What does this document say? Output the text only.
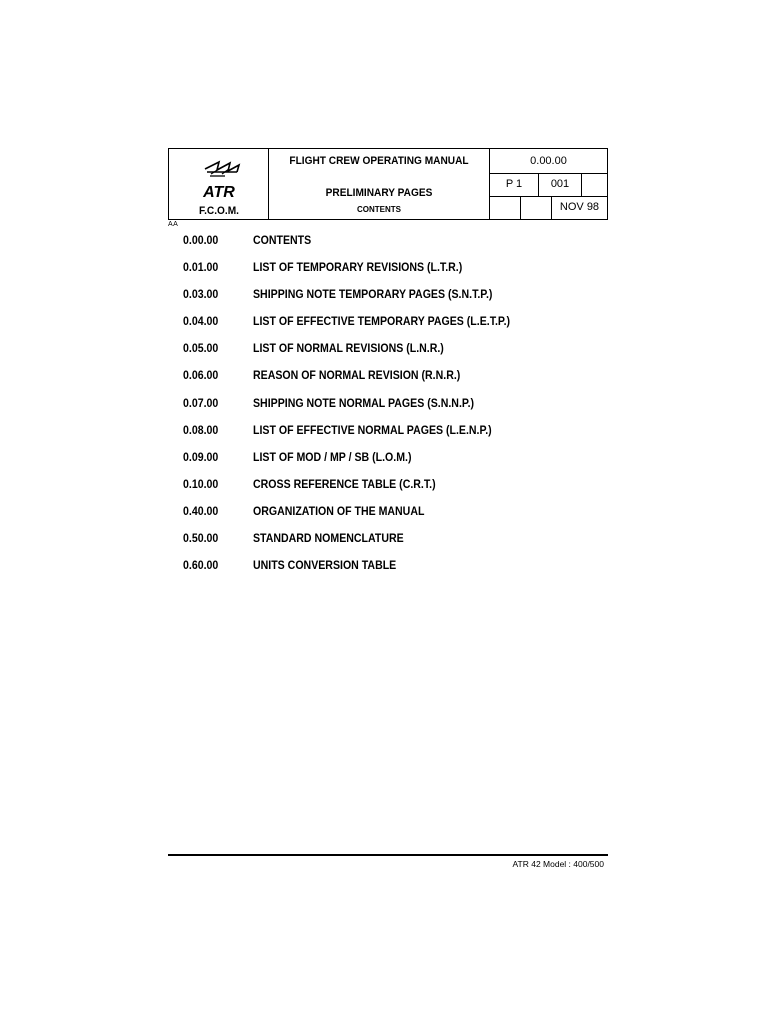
ATR
F.C.O.M.
FLIGHT CREW OPERATING MANUAL
PRELIMINARY PAGES
CONTENTS
0.00.00
P 1	001
NOV 98
AA
0.00.00	CONTENTS
0.01.00	LIST OF TEMPORARY REVISIONS (L.T.R.)
0.03.00	SHIPPING NOTE TEMPORARY PAGES (S.N.T.P.)
0.04.00	LIST OF EFFECTIVE TEMPORARY PAGES (L.E.T.P.)
0.05.00	LIST OF NORMAL REVISIONS (L.N.R.)
0.06.00	REASON OF NORMAL REVISION (R.N.R.)
0.07.00	SHIPPING NOTE NORMAL PAGES (S.N.N.P.)
0.08.00	LIST OF EFFECTIVE NORMAL PAGES (L.E.N.P.)
0.09.00	LIST OF MOD / MP / SB (L.O.M.)
0.10.00	CROSS REFERENCE TABLE (C.R.T.)
0.40.00	ORGANIZATION OF THE MANUAL
0.50.00	STANDARD NOMENCLATURE
0.60.00	UNITS CONVERSION TABLE
ATR 42 Model : 400/500
